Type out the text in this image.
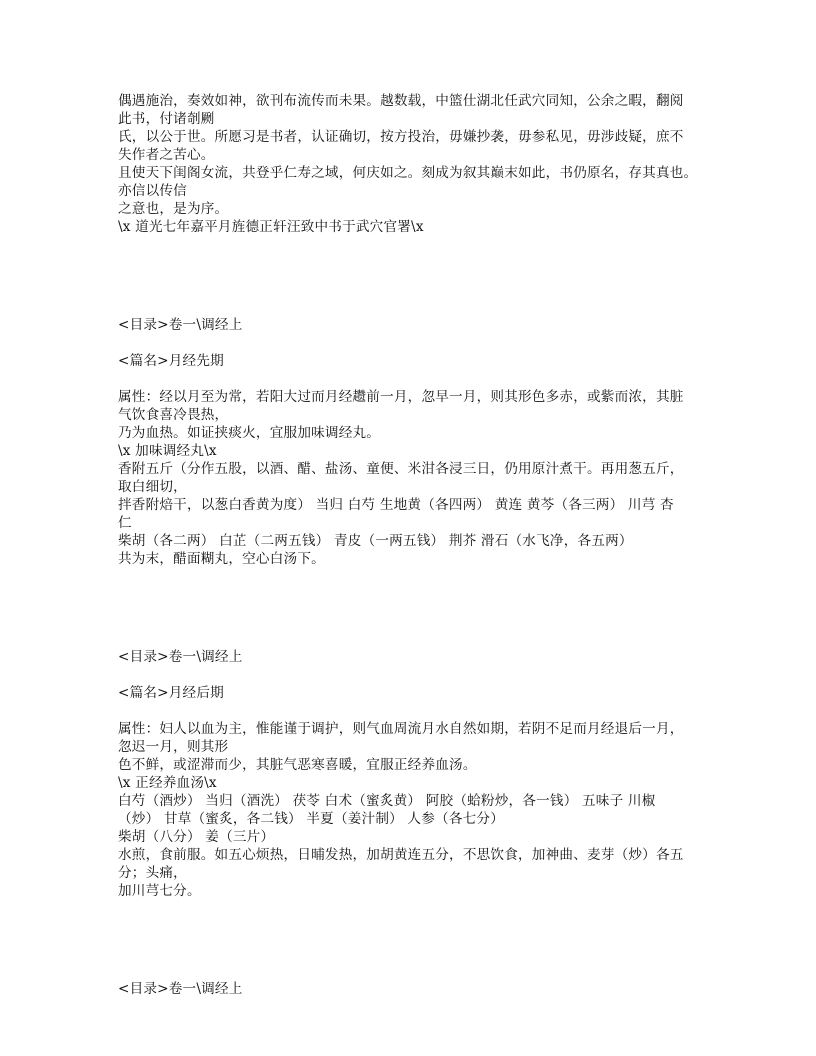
偶遇施治，奏效如神，欲刊布流传而未果。越数载，中篮仕湖北任武穴同知，公余之暇，翻阅
此书，付诸剞劂
氏，以公于世。所愿习是书者，认证确切，按方投治，毋嫌抄袭，毋参私见，毋涉歧疑，庶不
失作者之苦心。
且使天下闺阁女流，共登乎仁寿之域，何庆如之。刻成为叙其巅末如此，书仍原名，存其真也。
亦信以传信
之意也，是为序。
\x 道光七年嘉平月旌德正轩汪致中书于武穴官署\x
<目录>卷一\调经上
<篇名>月经先期
属性：经以月至为常，若阳大过而月经趱前一月，忽早一月，则其形色多赤，或紫而浓，其脏
气饮食喜冷畏热，
乃为血热。如证挟痰火，宜服加味调经丸。
\x 加味调经丸\x
香附五斤（分作五股，以酒、醋、盐汤、童便、米泔各浸三日，仍用原汁煮干。再用葱五斤，
取白细切，
拌香附焙干，以葱白香黄为度） 当归 白芍 生地黄（各四两） 黄连 黄芩（各三两） 川芎 杏
仁
柴胡（各二两） 白芷（二两五钱） 青皮（一两五钱） 荆芥 滑石（水飞净，各五两）
共为末，醋面糊丸，空心白汤下。
<目录>卷一\调经上
<篇名>月经后期
属性：妇人以血为主，惟能谨于调护，则气血周流月水自然如期，若阴不足而月经退后一月，
忽迟一月，则其形
色不鲜，或涩滞而少，其脏气恶寒喜暖，宜服正经养血汤。
\x 正经养血汤\x
白芍（酒炒） 当归（酒洗） 茯苓 白术（蜜炙黄） 阿胶（蛤粉炒，各一钱） 五味子 川椒
（炒） 甘草（蜜炙，各二钱） 半夏（姜汁制） 人参（各七分）
柴胡（八分） 姜（三片）
水煎，食前服。如五心烦热，日晡发热，加胡黄连五分，不思饮食，加神曲、麦芽（炒）各五
分；头痛，
加川芎七分。
<目录>卷一\调经上
